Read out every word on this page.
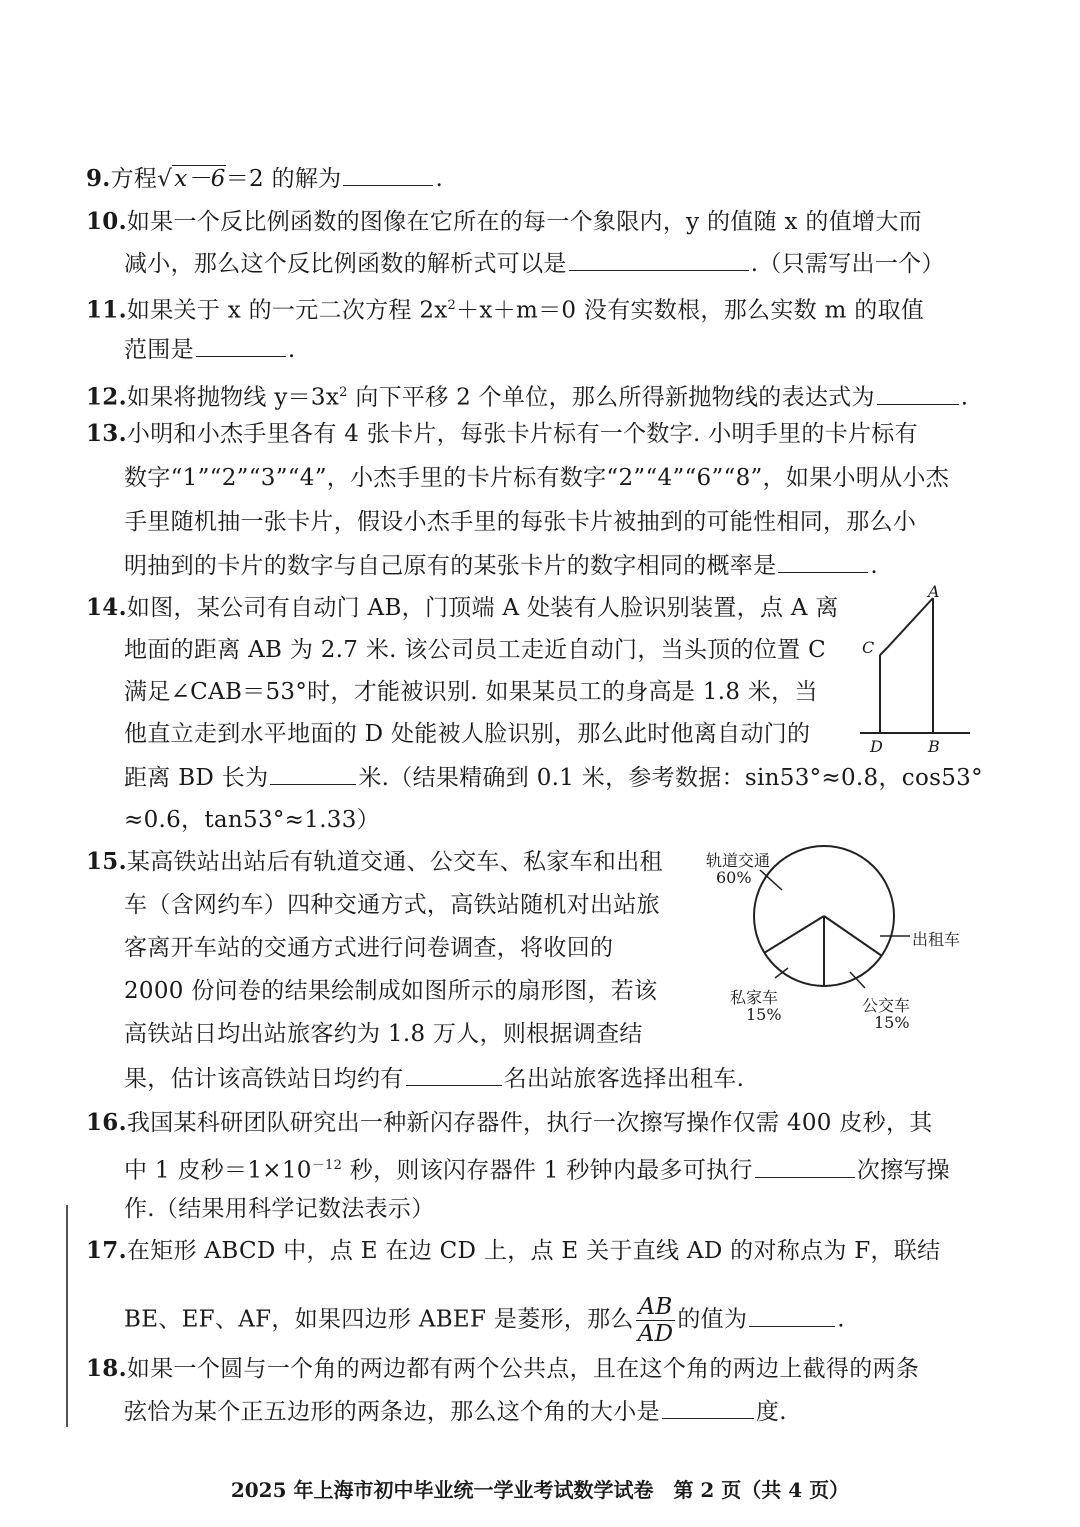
9.方程√x－6＝2 的解为	.
10.如果一个反比例函数的图像在它所在的每一个象限内，y 的值随 x 的值增大而
减小，那么这个反比例函数的解析式可以是	.（只需写出一个）
11.如果关于 x 的一元二次方程 $2x^2+x+m=0$ 没有实数根，那么实数 m 的取值
范围是	.
12.如果将抛物线 $y=3x^2$ 向下平移 2 个单位，那么所得新抛物线的表达式为	.
13.小明和小杰手里各有 4 张卡片，每张卡片标有一个数字. 小明手里的卡片标有
数字“1”“2”“3”“4”，小杰手里的卡片标有数字“2”“4”“6”“8”，如果小明从小杰
手里随机抽一张卡片，假设小杰手里的每张卡片被抽到的可能性相同，那么小
明抽到的卡片的数字与自己原有的某张卡片的数字相同的概率是	.
14.如图，某公司有自动门 AB，门顶端 A 处装有人脸识别装置，点 A 离
地面的距离 AB 为 2.7 米. 该公司员工走近自动门，当头顶的位置 C
满足∠CAB＝53°时，才能被识别. 如果某员工的身高是 1.8 米，当
他直立走到水平地面的 D 处能被人脸识别，那么此时他离自动门的
距离 BD 长为	米.（结果精确到 0.1 米，参考数据：sin53°≈0.8，cos53°
≈0.6，tan53°≈1.33）
A
C
D	B
15.某高铁站出站后有轨道交通、公交车、私家车和出租
车（含网约车）四种交通方式，高铁站随机对出站旅
客离开车站的交通方式进行问卷调查，将收回的
2000 份问卷的结果绘制成如图所示的扇形图，若该
高铁站日均出站旅客约为 1.8 万人，则根据调查结
果，估计该高铁站日均约有	名出站旅客选择出租车.
轨道交通
60%
出租车
私家车
15%	公交车
15%
16.我国某科研团队研究出一种新闪存器件，执行一次擦写操作仅需 400 皮秒，其
中 1 皮秒$=1\times 10^{-12}$ 秒，则该闪存器件 1 秒钟内最多可执行	次擦写操
作.（结果用科学记数法表示）
17.在矩形 ABCD 中，点 E 在边 CD 上，点 E 关于直线 AD 的对称点为 F，联结
BE、EF、AF，如果四边形 ABEF 是菱形，那么 $\frac{AB}{AD}$ 的值为	.
18.如果一个圆与一个角的两边都有两个公共点，且在这个角的两边上截得的两条
弦恰为某个正五边形的两条边，那么这个角的大小是	度.
2025 年上海市初中毕业统一学业考试数学试卷　第 2 页（共 4 页）
